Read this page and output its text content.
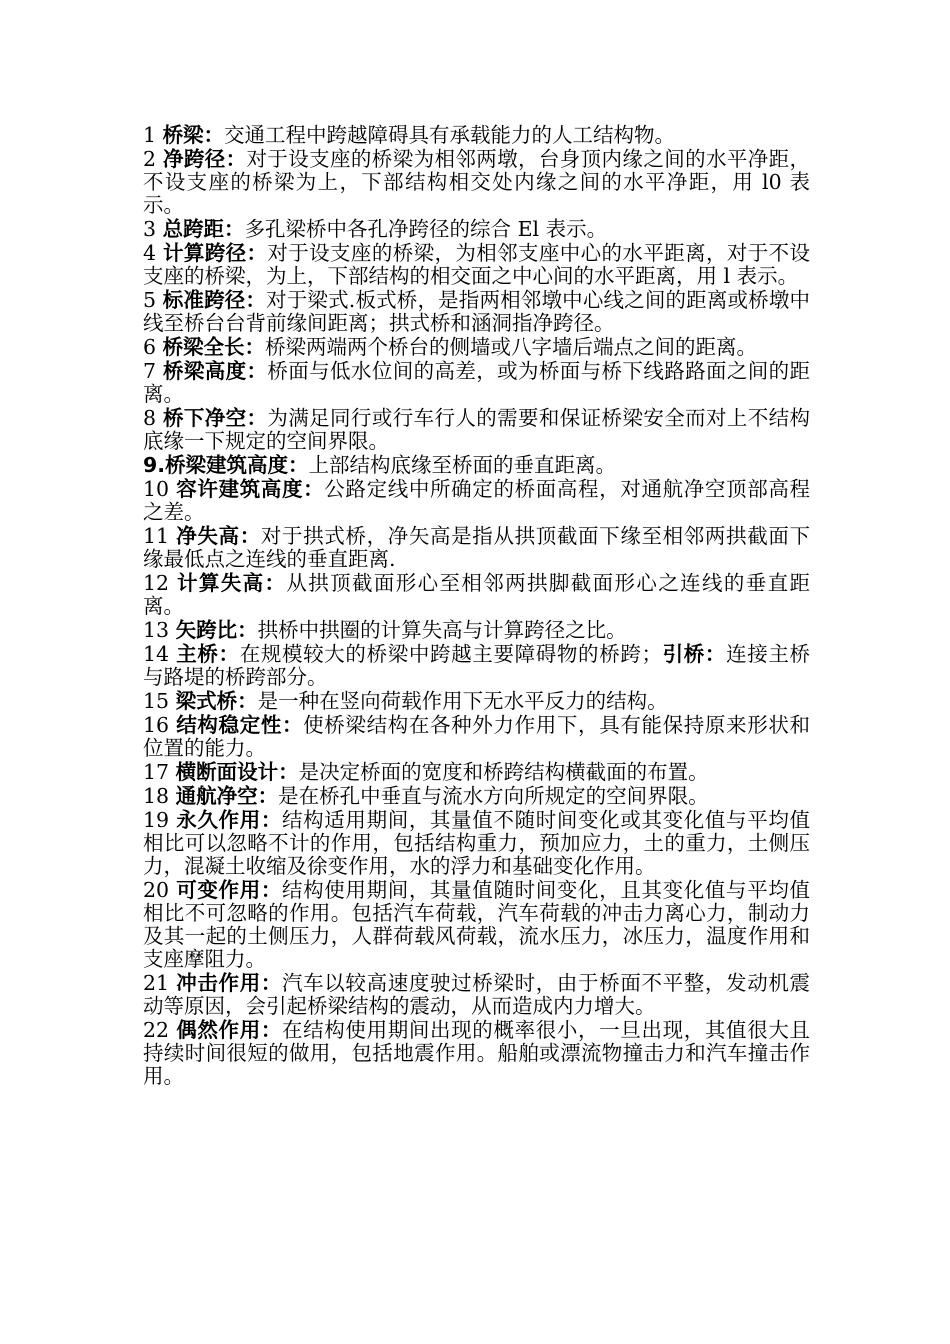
1 桥梁：交通工程中跨越障碍具有承载能力的人工结构物。

2 净跨径：对于设支座的桥梁为相邻两墩，台身顶内缘之间的水平净距，不设支座的桥梁为上，下部结构相交处内缘之间的水平净距，用 l0 表示。

3 总跨距：多孔梁桥中各孔净跨径的综合 El 表示。

4 计算跨径：对于设支座的桥梁，为相邻支座中心的水平距离，对于不设支座的桥梁，为上，下部结构的相交面之中心间的水平距离，用 l 表示。

5 标准跨径：对于梁式.板式桥，是指两相邻墩中心线之间的距离或桥墩中线至桥台台背前缘间距离；拱式桥和涵洞指净跨径。

6 桥梁全长：桥梁两端两个桥台的侧墙或八字墙后端点之间的距离。

7 桥梁高度：桥面与低水位间的高差，或为桥面与桥下线路路面之间的距离。

8 桥下净空：为满足同行或行车行人的需要和保证桥梁安全而对上不结构底缘一下规定的空间界限。

9.桥梁建筑高度：上部结构底缘至桥面的垂直距离。

10 容许建筑高度：公路定线中所确定的桥面高程，对通航净空顶部高程之差。

11 净失高：对于拱式桥，净矢高是指从拱顶截面下缘至相邻两拱截面下缘最低点之连线的垂直距离.

12 计算失高：从拱顶截面形心至相邻两拱脚截面形心之连线的垂直距离。

13 矢跨比：拱桥中拱圈的计算失高与计算跨径之比。

14 主桥：在规模较大的桥梁中跨越主要障碍物的桥跨；引桥：连接主桥与路堤的桥跨部分。

15 梁式桥：是一种在竖向荷载作用下无水平反力的结构。

16 结构稳定性：使桥梁结构在各种外力作用下，具有能保持原来形状和位置的能力。

17 横断面设计：是决定桥面的宽度和桥跨结构横截面的布置。

18 通航净空：是在桥孔中垂直与流水方向所规定的空间界限。

19 永久作用：结构适用期间，其量值不随时间变化或其变化值与平均值相比可以忽略不计的作用，包括结构重力，预加应力，土的重力，土侧压力，混凝土收缩及徐变作用，水的浮力和基础变化作用。

20 可变作用：结构使用期间，其量值随时间变化，且其变化值与平均值相比不可忽略的作用。包括汽车荷载，汽车荷载的冲击力离心力，制动力及其一起的土侧压力，人群荷载风荷载，流水压力，冰压力，温度作用和支座摩阻力。

21 冲击作用：汽车以较高速度驶过桥梁时，由于桥面不平整，发动机震动等原因，会引起桥梁结构的震动，从而造成内力增大。

22 偶然作用：在结构使用期间出现的概率很小，一旦出现，其值很大且持续时间很短的做用，包括地震作用。船舶或漂流物撞击力和汽车撞击作用。
